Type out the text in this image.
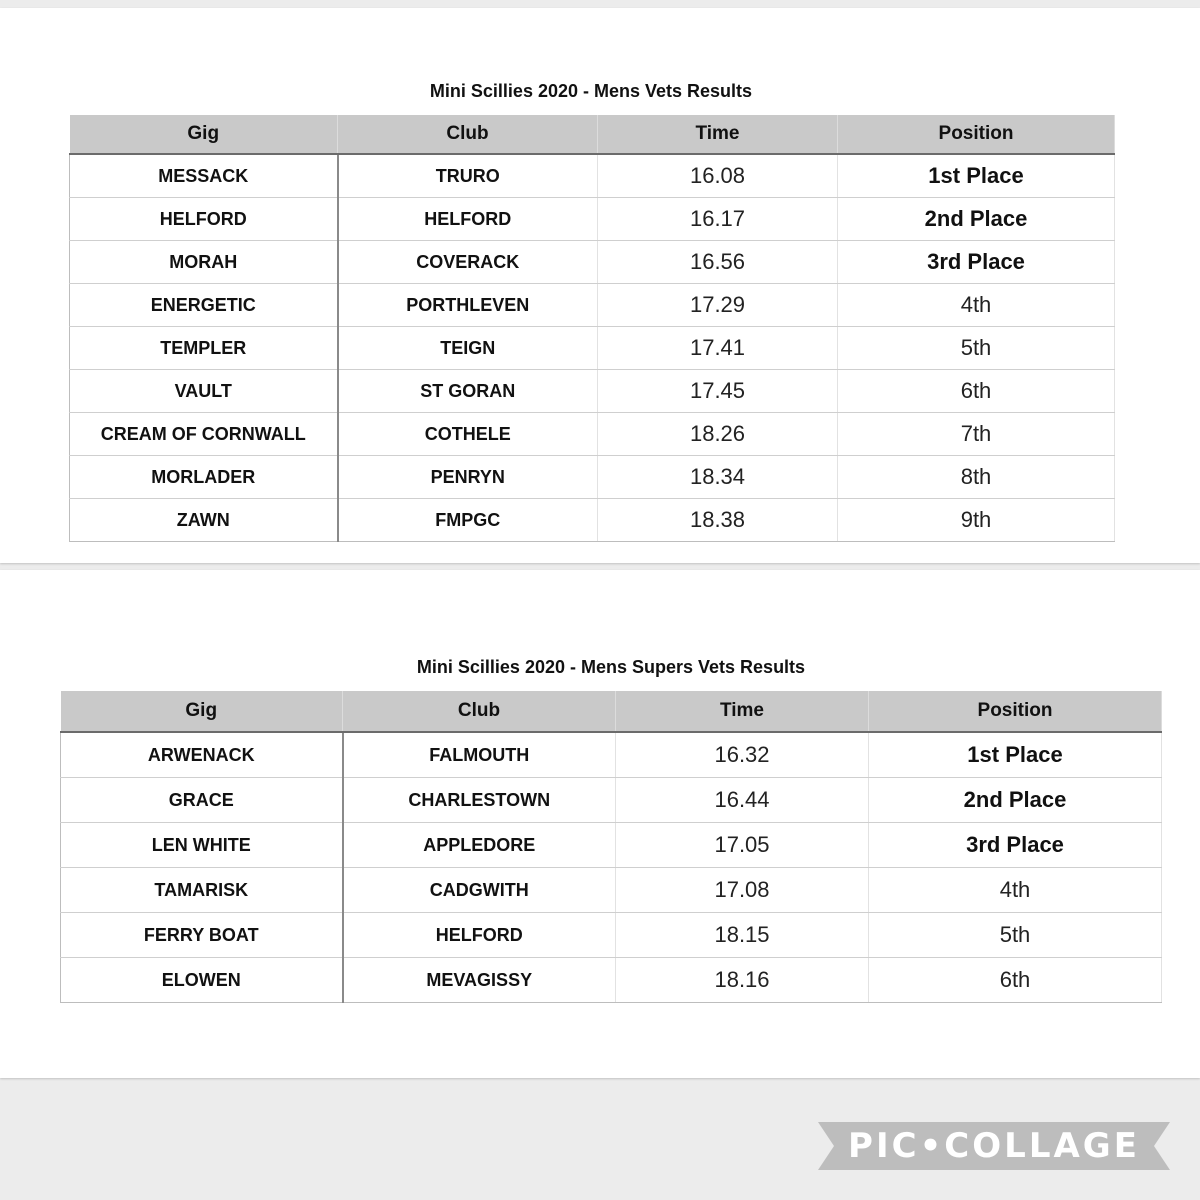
Mini Scillies 2020 - Mens Vets Results
Gig	Club	Time	Position
MESSACK	TRURO	16.08	1st Place
HELFORD	HELFORD	16.17	2nd Place
MORAH	COVERACK	16.56	3rd Place
ENERGETIC	PORTHLEVEN	17.29	4th
TEMPLER	TEIGN	17.41	5th
VAULT	ST GORAN	17.45	6th
CREAM OF CORNWALL	COTHELE	18.26	7th
MORLADER	PENRYN	18.34	8th
ZAWN	FMPGC	18.38	9th
Mini Scillies 2020 - Mens Supers Vets Results
Gig	Club	Time	Position
ARWENACK	FALMOUTH	16.32	1st Place
GRACE	CHARLESTOWN	16.44	2nd Place
LEN WHITE	APPLEDORE	17.05	3rd Place
TAMARISK	CADGWITH	17.08	4th
FERRY BOAT	HELFORD	18.15	5th
ELOWEN	MEVAGISSY	18.16	6th
PIC•COLLAGE
